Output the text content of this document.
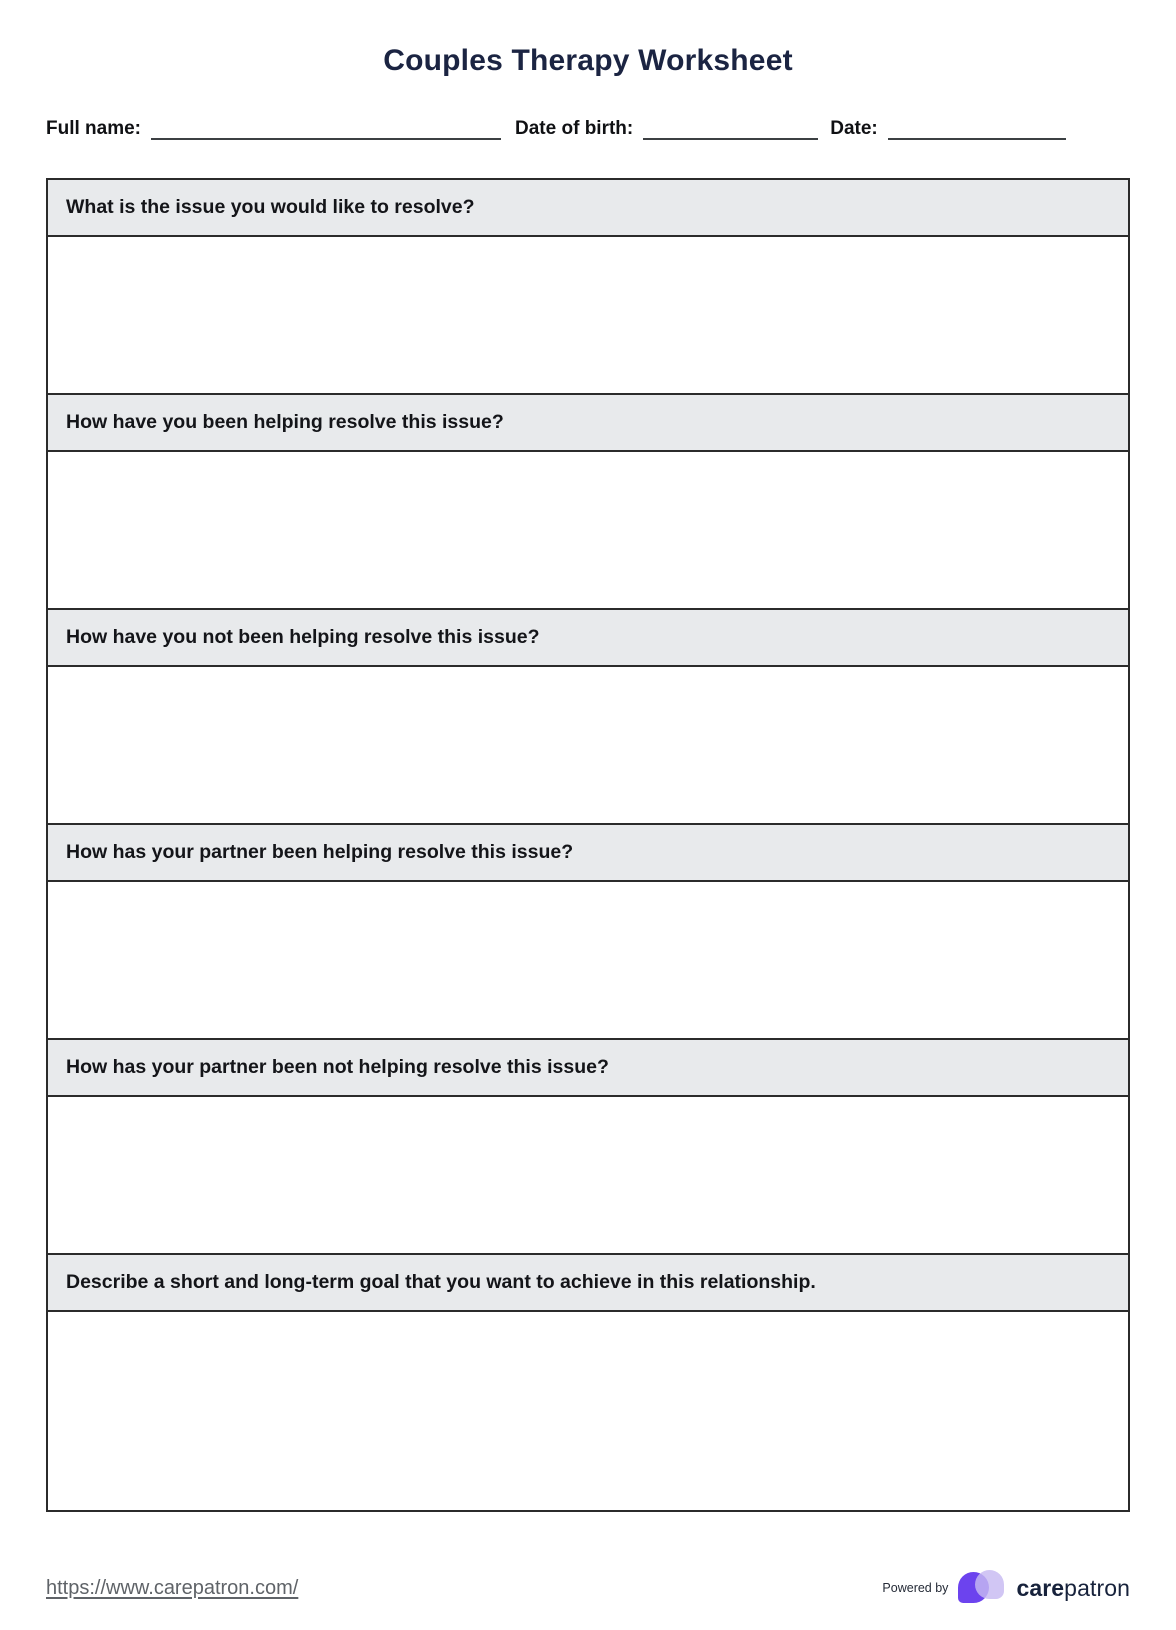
Couples Therapy Worksheet
Full name:	Date of birth:	Date:
What is the issue you would like to resolve?
How have you been helping resolve this issue?
How have you not been helping resolve this issue?
How has your partner been helping resolve this issue?
How has your partner been not helping resolve this issue?
Describe a short and long-term goal that you want to achieve in this relationship.
https://www.carepatron.com/	Powered by	carepatron
